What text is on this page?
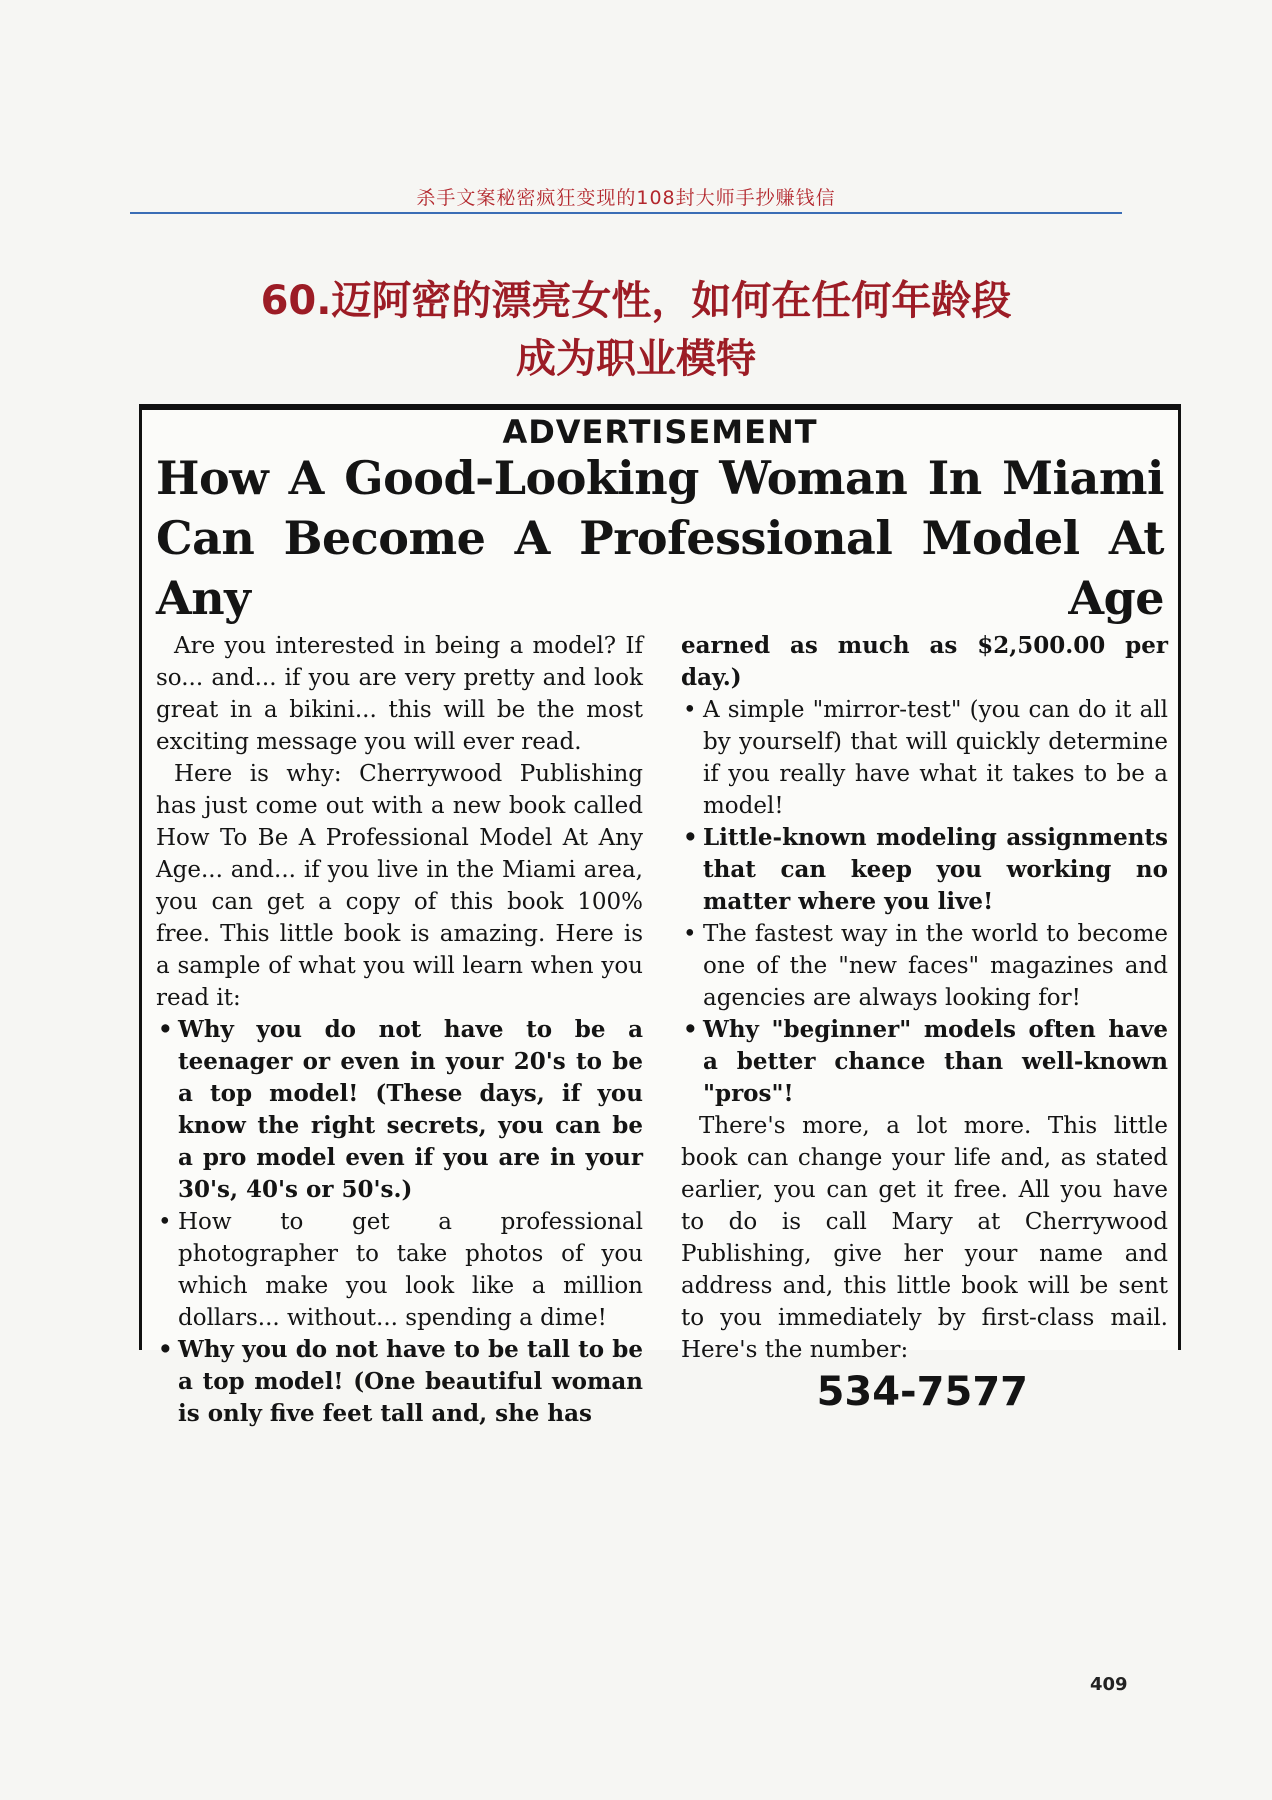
杀手文案秘密疯狂变现的108封大师手抄赚钱信
60.迈阿密的漂亮女性，如何在任何年龄段
成为职业模特
ADVERTISEMENT
How A Good-Looking Woman In Miami
Can Become A Professional Model At Any Age

Are you interested in being a model? If so... and... if you are very pretty and look great in a bikini... this will be the most exciting message you will ever read.

Here is why: Cherrywood Publishing has just come out with a new book called How To Be A Professional Model At Any Age... and... if you live in the Miami area, you can get a copy of this book 100% free. This little book is amazing. Here is a sample of what you will learn when you read it:

• Why you do not have to be a teenager or even in your 20's to be a top model! (These days, if you know the right secrets, you can be a pro model even if you are in your 30's, 40's or 50's.)
• How to get a professional photographer to take photos of you which make you look like a million dollars... without... spending a dime!
• Why you do not have to be tall to be a top model! (One beautiful woman is only five feet tall and, she has

earned as much as $2,500.00 per day.)

• A simple "mirror-test" (you can do it all by yourself) that will quickly determine if you really have what it takes to be a model!
• Little-known modeling assignments that can keep you working no matter where you live!
• The fastest way in the world to become one of the "new faces" magazines and agencies are always looking for!
• Why "beginner" models often have a better chance than well-known "pros"!

There's more, a lot more. This little book can change your life and, as stated earlier, you can get it free. All you have to do is call Mary at Cherrywood Publishing, give her your name and address and, this little book will be sent to you immediately by first-class mail. Here's the number:

534-7577
409
